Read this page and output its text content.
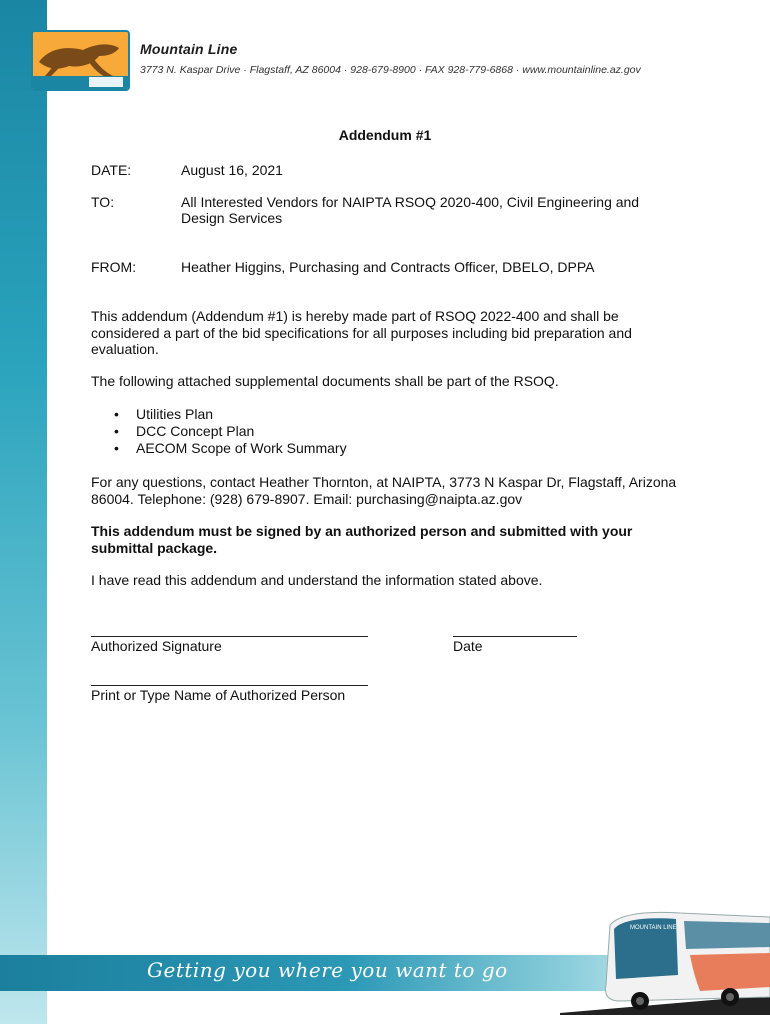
Mountain Line
3773 N. Kaspar Drive · Flagstaff, AZ 86004 · 928-679-8900 · FAX 928-779-6868 · www.mountainline.az.gov
Addendum #1
DATE:	August 16, 2021
TO:	All Interested Vendors for NAIPTA RSOQ 2020-400, Civil Engineering and Design Services
FROM:	Heather Higgins, Purchasing and Contracts Officer, DBELO, DPPA
This addendum (Addendum #1) is hereby made part of RSOQ 2022-400 and shall be considered a part of the bid specifications for all purposes including bid preparation and evaluation.
The following attached supplemental documents shall be part of the RSOQ.
• Utilities Plan
• DCC Concept Plan
• AECOM Scope of Work Summary
For any questions, contact Heather Thornton, at NAIPTA, 3773 N Kaspar Dr, Flagstaff, Arizona 86004. Telephone: (928) 679-8907. Email: purchasing@naipta.az.gov
This addendum must be signed by an authorized person and submitted with your submittal package.
I have read this addendum and understand the information stated above.
Authorized Signature	Date
Print or Type Name of Authorized Person
Getting you where you want to go
MOUNTAIN LINE
